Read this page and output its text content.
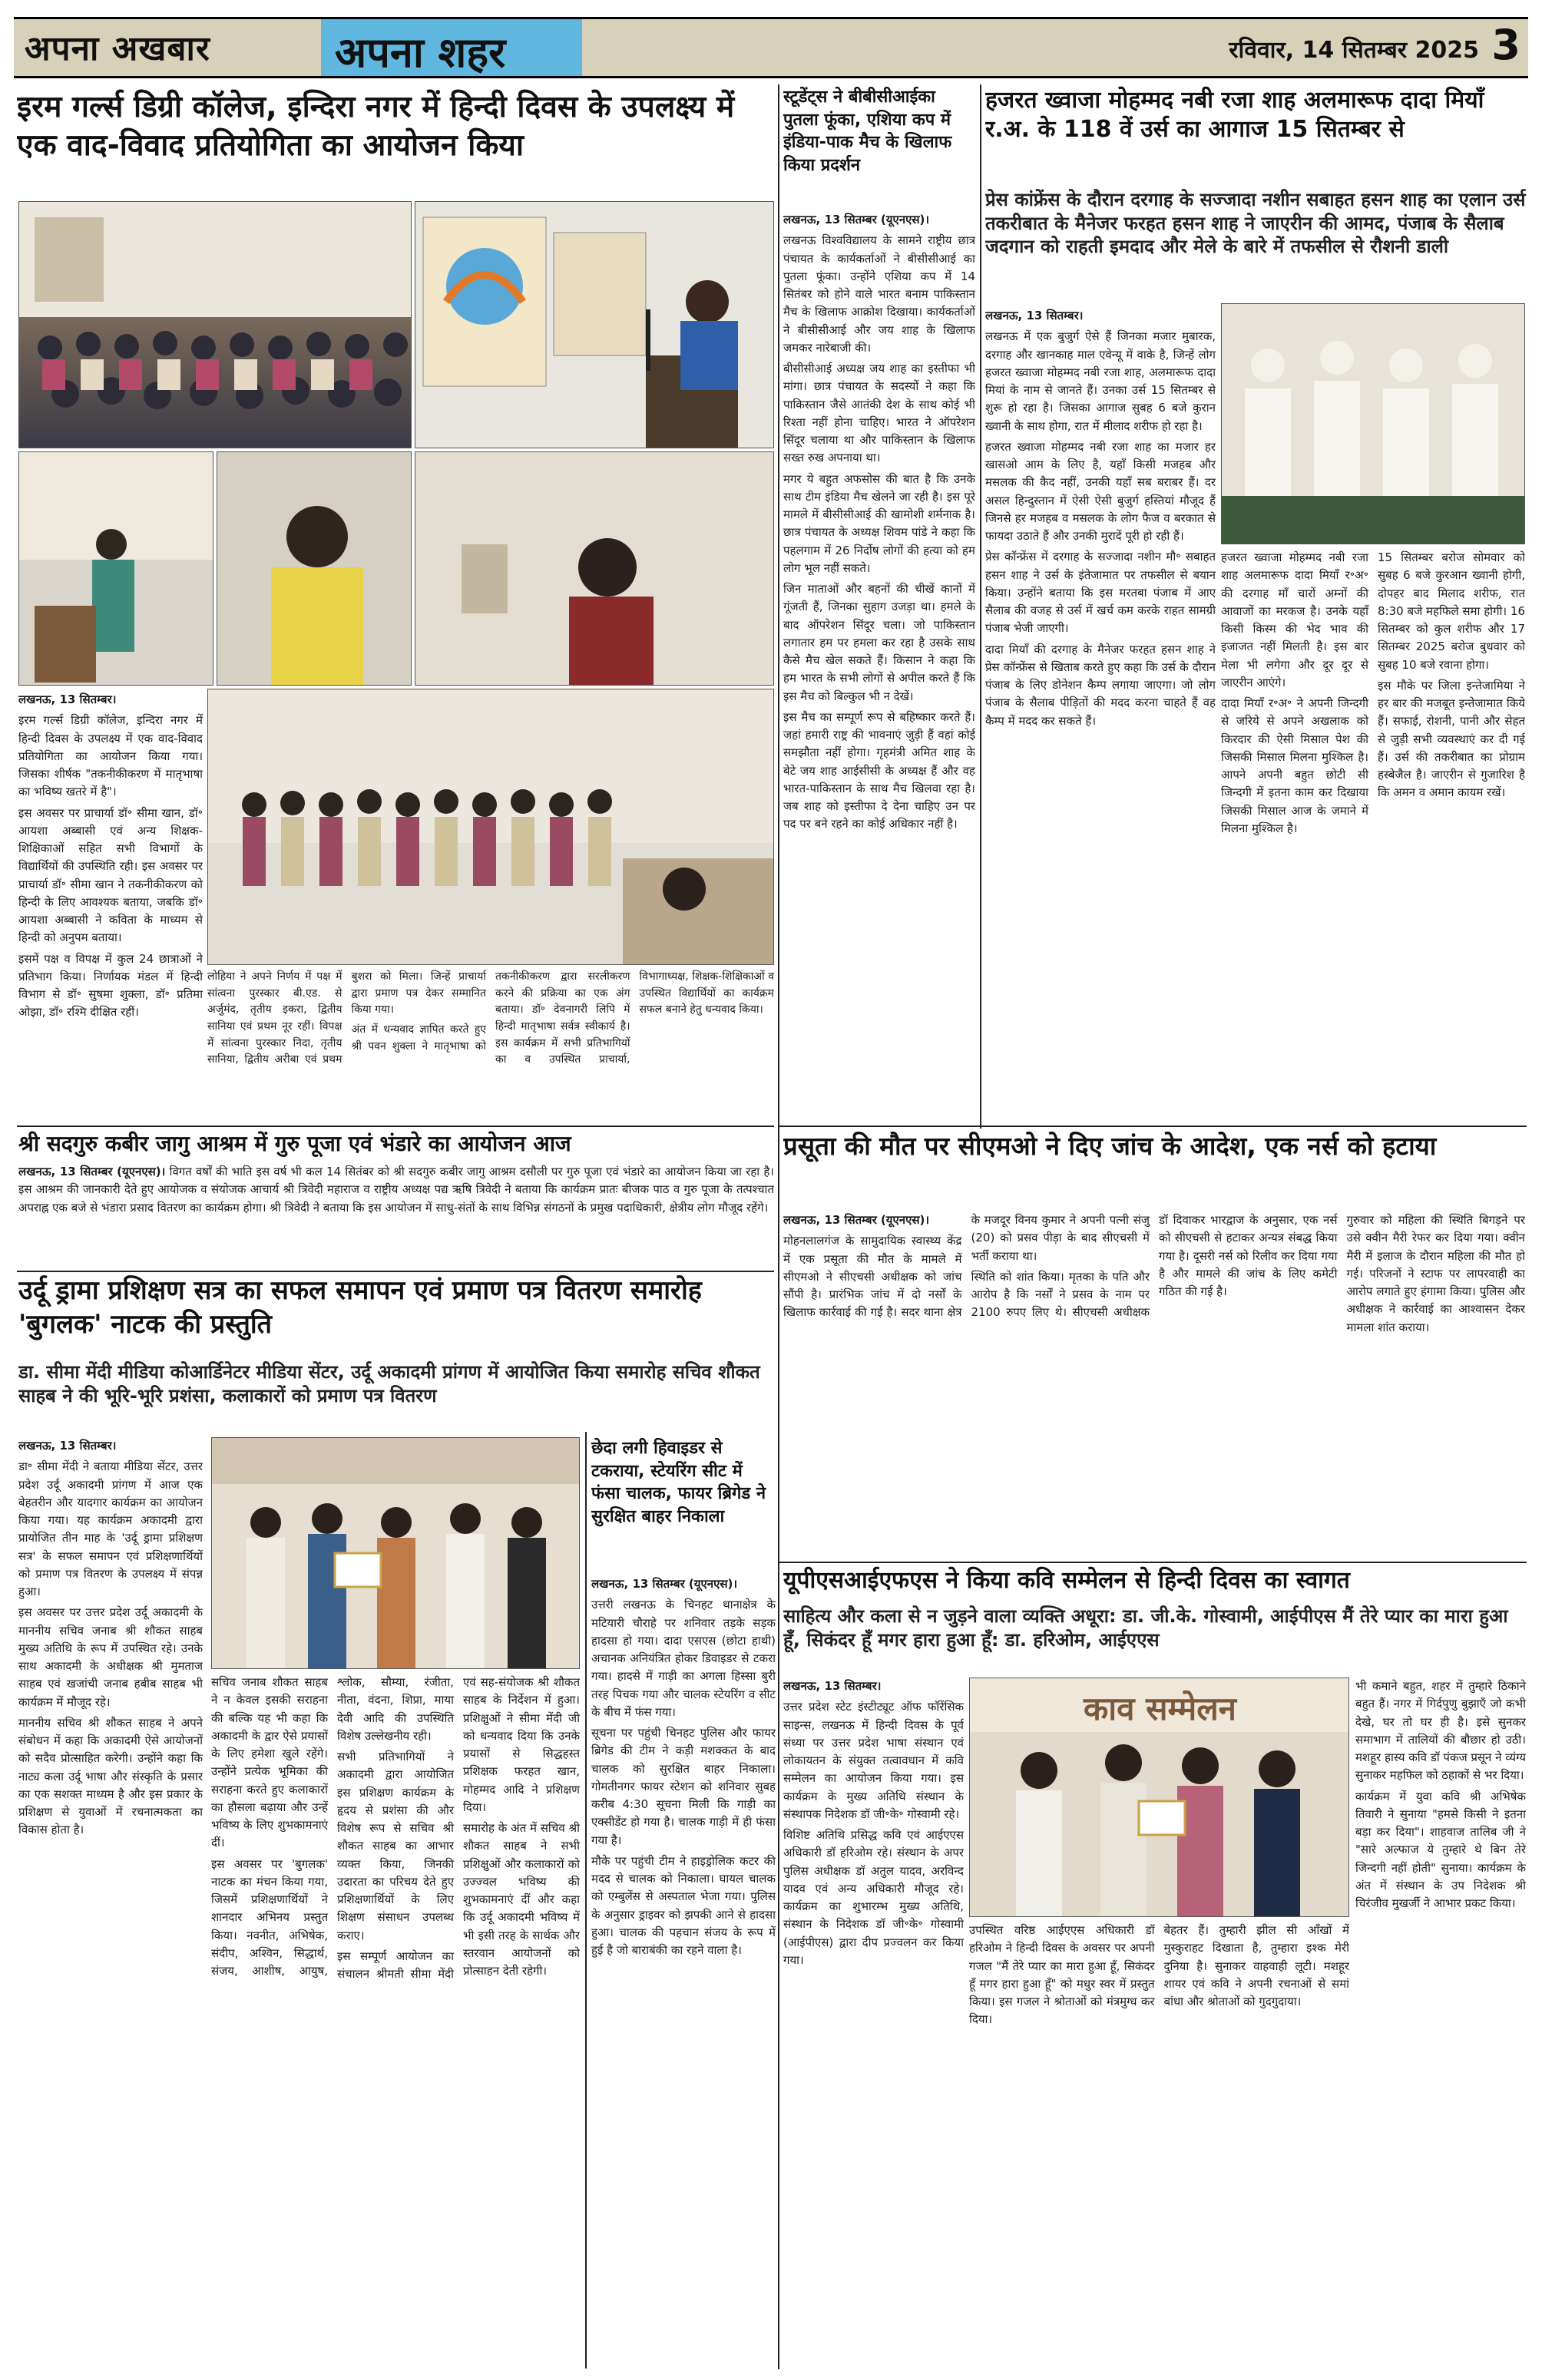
अपना अखबार	अपना शहर	रविवार, 14 सितम्बर 2025 3
इरम गर्ल्स डिग्री कॉलेज, इन्दिरा नगर में हिन्दी दिवस के उपलक्ष्य में एक वाद-विवाद प्रतियोगिता का आयोजन किया

लखनऊ, 13 सितम्बर।

इरम गर्ल्स डिग्री कॉलेज, इन्दिरा नगर में हिन्दी दिवस के उपलक्ष्य में एक वाद-विवाद प्रतियोगिता का आयोजन किया गया। जिसका शीर्षक "तकनीकीकरण में मातृभाषा का भविष्य खतरे में है"।

इस अवसर पर प्राचार्या डॉ॰ सीमा खान, डॉ॰ आयशा अब्बासी एवं अन्य शिक्षक-शिक्षिकाओं सहित सभी विभागों के विद्यार्थियों की उपस्थिति रही। इस अवसर पर प्राचार्या डॉ॰ सीमा खान ने तकनीकीकरण को हिन्दी के लिए आवश्यक बताया, जबकि डॉ॰ आयशा अब्बासी ने कविता के माध्यम से हिन्दी को अनुपम बताया।

इसमें पक्ष व विपक्ष में कुल 24 छात्राओं ने प्रतिभाग किया। निर्णायक मंडल में हिन्दी विभाग से डॉ॰ सुषमा शुक्ला, डॉ॰ प्रतिमा ओझा, डॉ॰ रश्मि दीक्षित रहीं।

लोहिया ने अपने निर्णय में पक्ष में सांत्वना पुरस्कार बी.एड. से अर्जुमंद, तृतीय इकरा, द्वितीय सानिया एवं प्रथम नूर रहीं। विपक्ष में सांत्वना पुरस्कार निदा, तृतीय सानिया, द्वितीय अरीबा एवं प्रथम बुशरा को मिला। जिन्हें प्राचार्या द्वारा प्रमाण पत्र देकर सम्मानित किया गया।

अंत में धन्यवाद ज्ञापित करते हुए श्री पवन शुक्ला ने मातृभाषा को तकनीकीकरण द्वारा सरलीकरण करने की प्रक्रिया का एक अंग बताया। डॉ॰ देवनागरी लिपि में हिन्दी मातृभाषा सर्वत्र स्वीकार्य है। इस कार्यक्रम में सभी प्रतिभागियों का व उपस्थित प्राचार्या, विभागाध्यक्ष, शिक्षक-शिक्षिकाओं व उपस्थित विद्यार्थियों का कार्यक्रम सफल बनाने हेतु धन्यवाद किया।

स्टूडेंट्स ने बीबीसीआईका पुतला फूंका, एशिया कप में इंडिया-पाक मैच के खिलाफ किया प्रदर्शन

लखनऊ, 13 सितम्बर (यूएनएस)।

लखनऊ विश्वविद्यालय के सामने राष्ट्रीय छात्र पंचायत के कार्यकर्ताओं ने बीसीसीआई का पुतला फूंका। उन्होंने एशिया कप में 14 सितंबर को होने वाले भारत बनाम पाकिस्तान मैच के खिलाफ आक्रोश दिखाया। कार्यकर्ताओं ने बीसीसीआई और जय शाह के खिलाफ जमकर नारेबाजी की।

बीसीसीआई अध्यक्ष जय शाह का इस्तीफा भी मांगा। छात्र पंचायत के सदस्यों ने कहा कि पाकिस्तान जैसे आतंकी देश के साथ कोई भी रिश्ता नहीं होना चाहिए। भारत ने ऑपरेशन सिंदूर चलाया था और पाकिस्तान के खिलाफ सख्त रुख अपनाया था।

मगर ये बहुत अफसोस की बात है कि उनके साथ टीम इंडिया मैच खेलने जा रही है। इस पूरे मामले में बीसीसीआई की खामोशी शर्मनाक है। छात्र पंचायत के अध्यक्ष शिवम पांडे ने कहा कि पहलगाम में 26 निर्दोष लोगों की हत्या को हम लोग भूल नहीं सकते।

जिन माताओं और बहनों की चीखें कानों में गूंजती हैं, जिनका सुहाग उजड़ा था। हमले के बाद ऑपरेशन सिंदूर चला। जो पाकिस्तान लगातार हम पर हमला कर रहा है उसके साथ कैसे मैच खेल सकते हैं। किसान ने कहा कि हम भारत के सभी लोगों से अपील करते हैं कि इस मैच को बिल्कुल भी न देखें।

इस मैच का सम्पूर्ण रूप से बहिष्कार करते हैं। जहां हमारी राष्ट्र की भावनाएं जुड़ी हैं वहां कोई समझौता नहीं होगा। गृहमंत्री अमित शाह के बेटे जय शाह आईसीसी के अध्यक्ष हैं और वह भारत-पाकिस्तान के साथ मैच खिलवा रहा है। जब शाह को इस्तीफा दे देना चाहिए उन पर पद पर बने रहने का कोई अधिकार नहीं है।

हजरत ख्वाजा मोहम्मद नबी रजा शाह अलमारूफ दादा मियाँ र.अ. के 118 वें उर्स का आगाज 15 सितम्बर से
प्रेस कांफ्रेंस के दौरान दरगाह के सज्जादा नशीन सबाहत हसन शाह का एलान उर्स तकरीबात के मैनेजर फरहत हसन शाह ने जाएरीन की आमद, पंजाब के सैलाब जदगान को राहती इमदाद और मेले के बारे में तफसील से रौशनी डाली

लखनऊ, 13 सितम्बर।

लखनऊ में एक बुजुर्ग ऐसे हैं जिनका मजार मुबारक, दरगाह और खानकाह माल एवेन्यू में वाके है, जिन्हें लोग हजरत ख्वाजा मोहम्मद नबी रजा शाह, अलमारूफ दादा मियां के नाम से जानते हैं। उनका उर्स 15 सितम्बर से शुरू हो रहा है। जिसका आगाज सुबह 6 बजे कुरान ख्वानी के साथ होगा, रात में मीलाद शरीफ हो रहा है।

हजरत ख्वाजा मोहम्मद नबी रजा शाह का मजार हर खासओ आम के लिए है, यहाँ किसी मजहब और मसलक की कैद नहीं, उनकी यहाँ सब बराबर हैं। दर असल हिन्दुस्तान में ऐसी ऐसी बुजुर्ग हस्तियां मौजूद हैं जिनसे हर मजहब व मसलक के लोग फैज व बरकात से फायदा उठाते हैं और उनकी मुरादें पूरी हो रही हैं।

प्रेस कॉन्फ्रेंस में दरगाह के सज्जादा नशीन मौ॰ सबाहत हसन शाह ने उर्स के इंतेजामात पर तफसील से बयान किया। उन्होंने बताया कि इस मरतबा पंजाब में आए सैलाब की वजह से उर्स में खर्च कम करके राहत सामग्री पंजाब भेजी जाएगी।

दादा मियाँ की दरगाह के मैनेजर फरहत हसन शाह ने प्रेस कॉन्फ्रेंस से खिताब करते हुए कहा कि उर्स के दौरान पंजाब के लिए डोनेशन कैम्प लगाया जाएगा। जो लोग पंजाब के सैलाब पीड़ितों की मदद करना चाहते हैं वह कैम्प में मदद कर सकते हैं।

हजरत ख्वाजा मोहम्मद नबी रजा शाह अलमारूफ दादा मियाँ र॰अ॰ की दरगाह माँ चारों अम्नों की आवाजों का मरकज है। उनके यहाँ किसी किस्म की भेद भाव की इजाजत नहीं मिलती है। इस बार मेला भी लगेगा और दूर दूर से जाएरीन आएंगे।

दादा मियाँ र॰अ॰ ने अपनी जिन्दगी से जरिये से अपने अखलाक को किरदार की ऐसी मिसाल पेश की जिसकी मिसाल मिलना मुश्किल है। आपने अपनी बहुत छोटी सी जिन्दगी में इतना काम कर दिखाया जिसकी मिसाल आज के जमाने में मिलना मुश्किल है।

15 सितम्बर बरोज सोमवार को सुबह 6 बजे कुरआन ख्वानी होगी, दोपहर बाद मिलाद शरीफ, रात 8:30 बजे महफिले समा होगी। 16 सितम्बर को कुल शरीफ और 17 सितम्बर 2025 बरोज बुधवार को सुबह 10 बजे रवाना होगा।

इस मौके पर जिला इन्तेजामिया ने हर बार की मजबूत इन्तेजामात किये हैं। सफाई, रोशनी, पानी और सेहत से जुड़ी सभी व्यवस्थाएं कर दी गई हैं। उर्स की तकरीबात का प्रोग्राम हस्बेजैल है। जाएरीन से गुजारिश है कि अमन व अमान कायम रखें।

श्री सदगुरु कबीर जागु आश्रम में गुरु पूजा एवं भंडारे का आयोजन आज

लखनऊ, 13 सितम्बर (यूएनएस)। विगत वर्षों की भाति इस वर्ष भी कल 14 सितंबर को श्री सदगुरु कबीर जागु आश्रम दसौली पर गुरु पूजा एवं भंडारे का आयोजन किया जा रहा है। इस आश्रम की जानकारी देते हुए आयोजक व संयोजक आचार्य श्री त्रिवेदी महाराज व राष्ट्रीय अध्यक्ष पद्य ऋषि त्रिवेदी ने बताया कि कार्यक्रम प्रातः बीजक पाठ व गुरु पूजा के तत्पश्चात अपराह्न एक बजे से भंडारा प्रसाद वितरण का कार्यक्रम होगा। श्री त्रिवेदी ने बताया कि इस आयोजन में साधु-संतों के साथ विभिन्न संगठनों के प्रमुख पदाधिकारी, क्षेत्रीय लोग मौजूद रहेंगे।

प्रसूता की मौत पर सीएमओ ने दिए जांच के आदेश, एक नर्स को हटाया

लखनऊ, 13 सितम्बर (यूएनएस)।

मोहनलालगंज के सामुदायिक स्वास्थ्य केंद्र में एक प्रसूता की मौत के मामले में सीएमओ ने सीएचसी अधीक्षक को जांच सौंपी है। प्रारंभिक जांच में दो नर्सों के खिलाफ कार्रवाई की गई है। सदर थाना क्षेत्र के मजदूर विनय कुमार ने अपनी पत्नी संजु (20) को प्रसव पीड़ा के बाद सीएचसी में भर्ती कराया था।

स्थिति को शांत किया। मृतका के पति और आरोप है कि नर्सों ने प्रसव के नाम पर 2100 रुपए लिए थे। सीएचसी अधीक्षक डॉ दिवाकर भारद्वाज के अनुसार, एक नर्स को सीएचसी से हटाकर अन्यत्र संबद्ध किया गया है। दूसरी नर्स को रिलीव कर दिया गया है और मामले की जांच के लिए कमेटी गठित की गई है।

गुरुवार को महिला की स्थिति बिगड़ने पर उसे क्वीन मैरी रेफर कर दिया गया। क्वीन मैरी में इलाज के दौरान महिला की मौत हो गई। परिजनों ने स्टाफ पर लापरवाही का आरोप लगाते हुए हंगामा किया। पुलिस और अधीक्षक ने कार्रवाई का आश्वासन देकर मामला शांत कराया।

उर्दू ड्रामा प्रशिक्षण सत्र का सफल समापन एवं प्रमाण पत्र वितरण समारोह 'बुगलक' नाटक की प्रस्तुति
डा. सीमा मेंदी मीडिया कोआर्डिनेटर मीडिया सेंटर, उर्दू अकादमी प्रांगण में आयोजित किया समारोह सचिव शौकत साहब ने की भूरि-भूरि प्रशंसा, कलाकारों को प्रमाण पत्र वितरण

लखनऊ, 13 सितम्बर।

डा॰ सीमा मेंदी ने बताया मीडिया सेंटर, उत्तर प्रदेश उर्दू अकादमी प्रांगण में आज एक बेहतरीन और यादगार कार्यक्रम का आयोजन किया गया। यह कार्यक्रम अकादमी द्वारा प्रायोजित तीन माह के 'उर्दू ड्रामा प्रशिक्षण सत्र' के सफल समापन एवं प्रशिक्षणार्थियों को प्रमाण पत्र वितरण के उपलक्ष्य में संपन्न हुआ।

इस अवसर पर उत्तर प्रदेश उर्दू अकादमी के माननीय सचिव जनाब श्री शौकत साहब मुख्य अतिथि के रूप में उपस्थित रहे। उनके साथ अकादमी के अधीक्षक श्री मुमताज साहब एवं खजांची जनाब हबीब साहब भी कार्यक्रम में मौजूद रहे।

माननीय सचिव श्री शौकत साहब ने अपने संबोधन में कहा कि अकादमी ऐसे आयोजनों को सदैव प्रोत्साहित करेगी। उन्होंने कहा कि नाट्य कला उर्दू भाषा और संस्कृति के प्रसार का एक सशक्त माध्यम है और इस प्रकार के प्रशिक्षण से युवाओं में रचनात्मकता का विकास होता है।

सचिव जनाब शौकत साहब ने न केवल इसकी सराहना की बल्कि यह भी कहा कि अकादमी के द्वार ऐसे प्रयासों के लिए हमेशा खुले रहेंगे। उन्होंने प्रत्येक भूमिका की सराहना करते हुए कलाकारों का हौसला बढ़ाया और उन्हें भविष्य के लिए शुभकामनाएं दीं।

इस अवसर पर 'बुगलक' नाटक का मंचन किया गया, जिसमें प्रशिक्षणार्थियों ने शानदार अभिनय प्रस्तुत किया। नवनीत, अभिषेक, संदीप, अश्विन, सिद्धार्थ, संजय, आशीष, आयुष, श्लोक, सौम्या, रंजीता, नीता, वंदना, शिप्रा, माया देवी आदि की उपस्थिति विशेष उल्लेखनीय रही।

सभी प्रतिभागियों ने अकादमी द्वारा आयोजित इस प्रशिक्षण कार्यक्रम के हृदय से प्रशंसा की और विशेष रूप से सचिव श्री शौकत साहब का आभार व्यक्त किया, जिनकी उदारता का परिचय देते हुए प्रशिक्षणार्थियों के लिए शिक्षण संसाधन उपलब्ध कराए।

इस सम्पूर्ण आयोजन का संचालन श्रीमती सीमा मेंदी एवं सह-संयोजक श्री शौकत साहब के निर्देशन में हुआ। प्रशिक्षुओं ने सीमा मेंदी जी को धन्यवाद दिया कि उनके प्रयासों से सिद्धहस्त प्रशिक्षक फरहत खान, मोहम्मद आदि ने प्रशिक्षण दिया।

समारोह के अंत में सचिव श्री शौकत साहब ने सभी प्रशिक्षुओं और कलाकारों को उज्ज्वल भविष्य की शुभकामनाएं दीं और कहा कि उर्दू अकादमी भविष्य में भी इसी तरह के सार्थक और स्तरवान आयोजनों को प्रोत्साहन देती रहेगी।

छेदा लगी हिवाइडर से टकराया, स्टेयरिंग सीट में फंसा चालक, फायर ब्रिगेड ने सुरक्षित बाहर निकाला

लखनऊ, 13 सितम्बर (यूएनएस)।

उत्तरी लखनऊ के चिनहट थानाक्षेत्र के मटियारी चौराहे पर शनिवार तड़के सड़क हादसा हो गया। दादा एसएस (छोटा हाथी) अचानक अनियंत्रित होकर डिवाइडर से टकरा गया। हादसे में गाड़ी का अगला हिस्सा बुरी तरह पिचक गया और चालक स्टेयरिंग व सीट के बीच में फंस गया।

सूचना पर पहुंची चिनहट पुलिस और फायर ब्रिगेड की टीम ने कड़ी मशक्कत के बाद चालक को सुरक्षित बाहर निकाला। गोमतीनगर फायर स्टेशन को शनिवार सुबह करीब 4:30 सूचना मिली कि गाड़ी का एक्सीडेंट हो गया है। चालक गाड़ी में ही फंसा गया है।

मौके पर पहुंची टीम ने हाइड्रोलिक कटर की मदद से चालक को निकाला। घायल चालक को एम्बुलेंस से अस्पताल भेजा गया। पुलिस के अनुसार ड्राइवर को झपकी आने से हादसा हुआ। चालक की पहचान संजय के रूप में हुई है जो बाराबंकी का रहने वाला है।

यूपीएसआईएफएस ने किया कवि सम्मेलन से हिन्दी दिवस का स्वागत
साहित्य और कला से न जुड़ने वाला व्यक्ति अधूरा: डा. जी.के. गोस्वामी, आईपीएस मैं तेरे प्यार का मारा हुआ हूँ, सिकंदर हूँ मगर हारा हुआ हूँ: डा. हरिओम, आईएएस
काव सम्मेलन

लखनऊ, 13 सितम्बर।

उत्तर प्रदेश स्टेट इंस्टीट्यूट ऑफ फॉरेंसिक साइन्स, लखनऊ में हिन्दी दिवस के पूर्व संध्या पर उत्तर प्रदेश भाषा संस्थान एवं लोकायतन के संयुक्त तत्वावधान में कवि सम्मेलन का आयोजन किया गया। इस कार्यक्रम के मुख्य अतिथि संस्थान के संस्थापक निदेशक डॉ जी॰के॰ गोस्वामी रहे।

विशिष्ट अतिथि प्रसिद्ध कवि एवं आईएएस अधिकारी डॉ हरिओम रहे। संस्थान के अपर पुलिस अधीक्षक डॉ अतुल यादव, अरविन्द यादव एवं अन्य अधिकारी मौजूद रहे। कार्यक्रम का शुभारम्भ मुख्य अतिथि, संस्थान के निदेशक डॉ जी॰के॰ गोस्वामी (आईपीएस) द्वारा दीप प्रज्वलन कर किया गया।

उपस्थित वरिष्ठ आईएएस अधिकारी डॉ हरिओम ने हिन्दी दिवस के अवसर पर अपनी गजल "मैं तेरे प्यार का मारा हुआ हूँ, सिकंदर हूँ मगर हारा हुआ हूँ" को मधुर स्वर में प्रस्तुत किया। इस गजल ने श्रोताओं को मंत्रमुग्ध कर दिया।

बेहतर हैं। तुम्हारी झील सी आँखों में मुस्कुराहट दिखाता है, तुम्हारा इश्क मेरी दुनिया है। सुनाकर वाहवाही लूटी। मशहूर शायर एवं कवि ने अपनी रचनाओं से समां बांधा और श्रोताओं को गुदगुदाया।

भी कमाने बहुत, शहर में तुम्हारे ठिकाने बहुत हैं। नगर में गिर्दपुणु बुझाएँ जो कभी देखे, घर तो घर ही है। इसे सुनकर समाभाग में तालियों की बौछार हो उठी। मशहूर हास्य कवि डॉ पंकज प्रसून ने व्यंग्य सुनाकर महफिल को ठहाकों से भर दिया।

कार्यक्रम में युवा कवि श्री अभिषेक तिवारी ने सुनाया "हमसे किसी ने इतना बड़ा कर दिया"। शाहवाज तालिब जी ने "सारे अल्फाज ये तुम्हारे थे बिन तेरे जिन्दगी नहीं होती" सुनाया। कार्यक्रम के अंत में संस्थान के उप निदेशक श्री चिरंजीव मुखर्जी ने आभार प्रकट किया।
